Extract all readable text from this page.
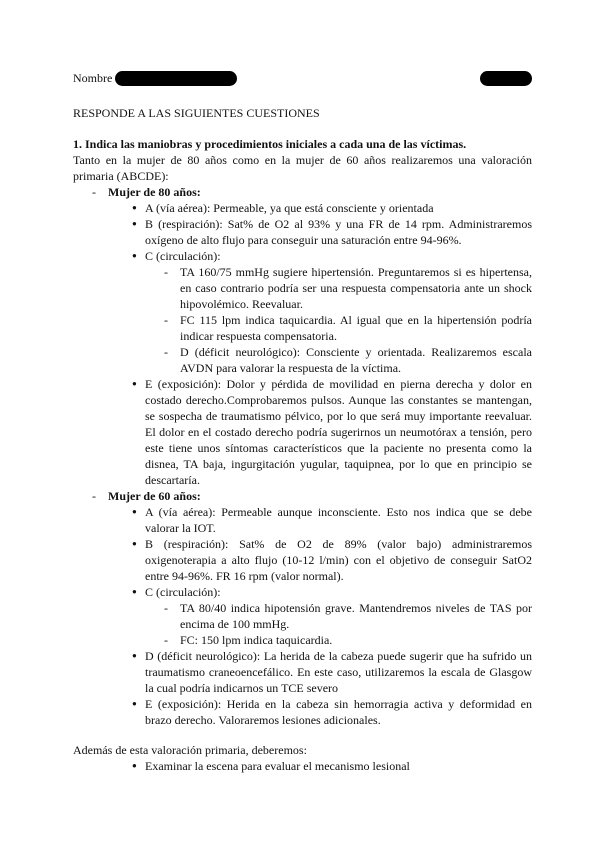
Nombre
RESPONDE A LAS SIGUIENTES CUESTIONES

1. Indica las maniobras y procedimientos iniciales a cada una de las víctimas.

Tanto en la mujer de 80 años como en la mujer de 60 años realizaremos una valoración primaria (ABCDE):

- Mujer de 80 años:
● A (vía aérea): Permeable, ya que está consciente y orientada
● B (respiración): Sat% de O2 al 93% y una FR de 14 rpm. Administraremos oxígeno de alto flujo para conseguir una saturación entre 94-96%.
● C (circulación):
- TA 160/75 mmHg sugiere hipertensión. Preguntaremos si es hipertensa, en caso contrario podría ser una respuesta compensatoria ante un shock hipovolémico. Reevaluar.
- FC 115 lpm indica taquicardia. Al igual que en la hipertensión podría indicar respuesta compensatoria.
- D (déficit neurológico): Consciente y orientada. Realizaremos escala AVDN para valorar la respuesta de la víctima.
● E (exposición): Dolor y pérdida de movilidad en pierna derecha y dolor en costado derecho.Comprobaremos pulsos. Aunque las constantes se mantengan, se sospecha de traumatismo pélvico, por lo que será muy importante reevaluar. El dolor en el costado derecho podría sugerirnos un neumotórax a tensión, pero este tiene unos síntomas característicos que la paciente no presenta como la disnea, TA baja, ingurgitación yugular, taquipnea, por lo que en principio se descartaría.
- Mujer de 60 años:
● A (vía aérea): Permeable aunque inconsciente. Esto nos indica que se debe valorar la IOT.
● B (respiración): Sat% de O2 de 89% (valor bajo) administraremos oxigenoterapia a alto flujo (10-12 l/min) con el objetivo de conseguir SatO2 entre 94-96%. FR 16 rpm (valor normal).
● C (circulación):
- TA 80/40 indica hipotensión grave. Mantendremos niveles de TAS por encima de 100 mmHg.
- FC: 150 lpm indica taquicardia.
● D (déficit neurológico): La herida de la cabeza puede sugerir que ha sufrido un traumatismo craneoencefálico. En este caso, utilizaremos la escala de Glasgow la cual podría indicarnos un TCE severo
● E (exposición): Herida en la cabeza sin hemorragia activa y deformidad en brazo derecho. Valoraremos lesiones adicionales.

Además de esta valoración primaria, deberemos:

● Examinar la escena para evaluar el mecanismo lesional
